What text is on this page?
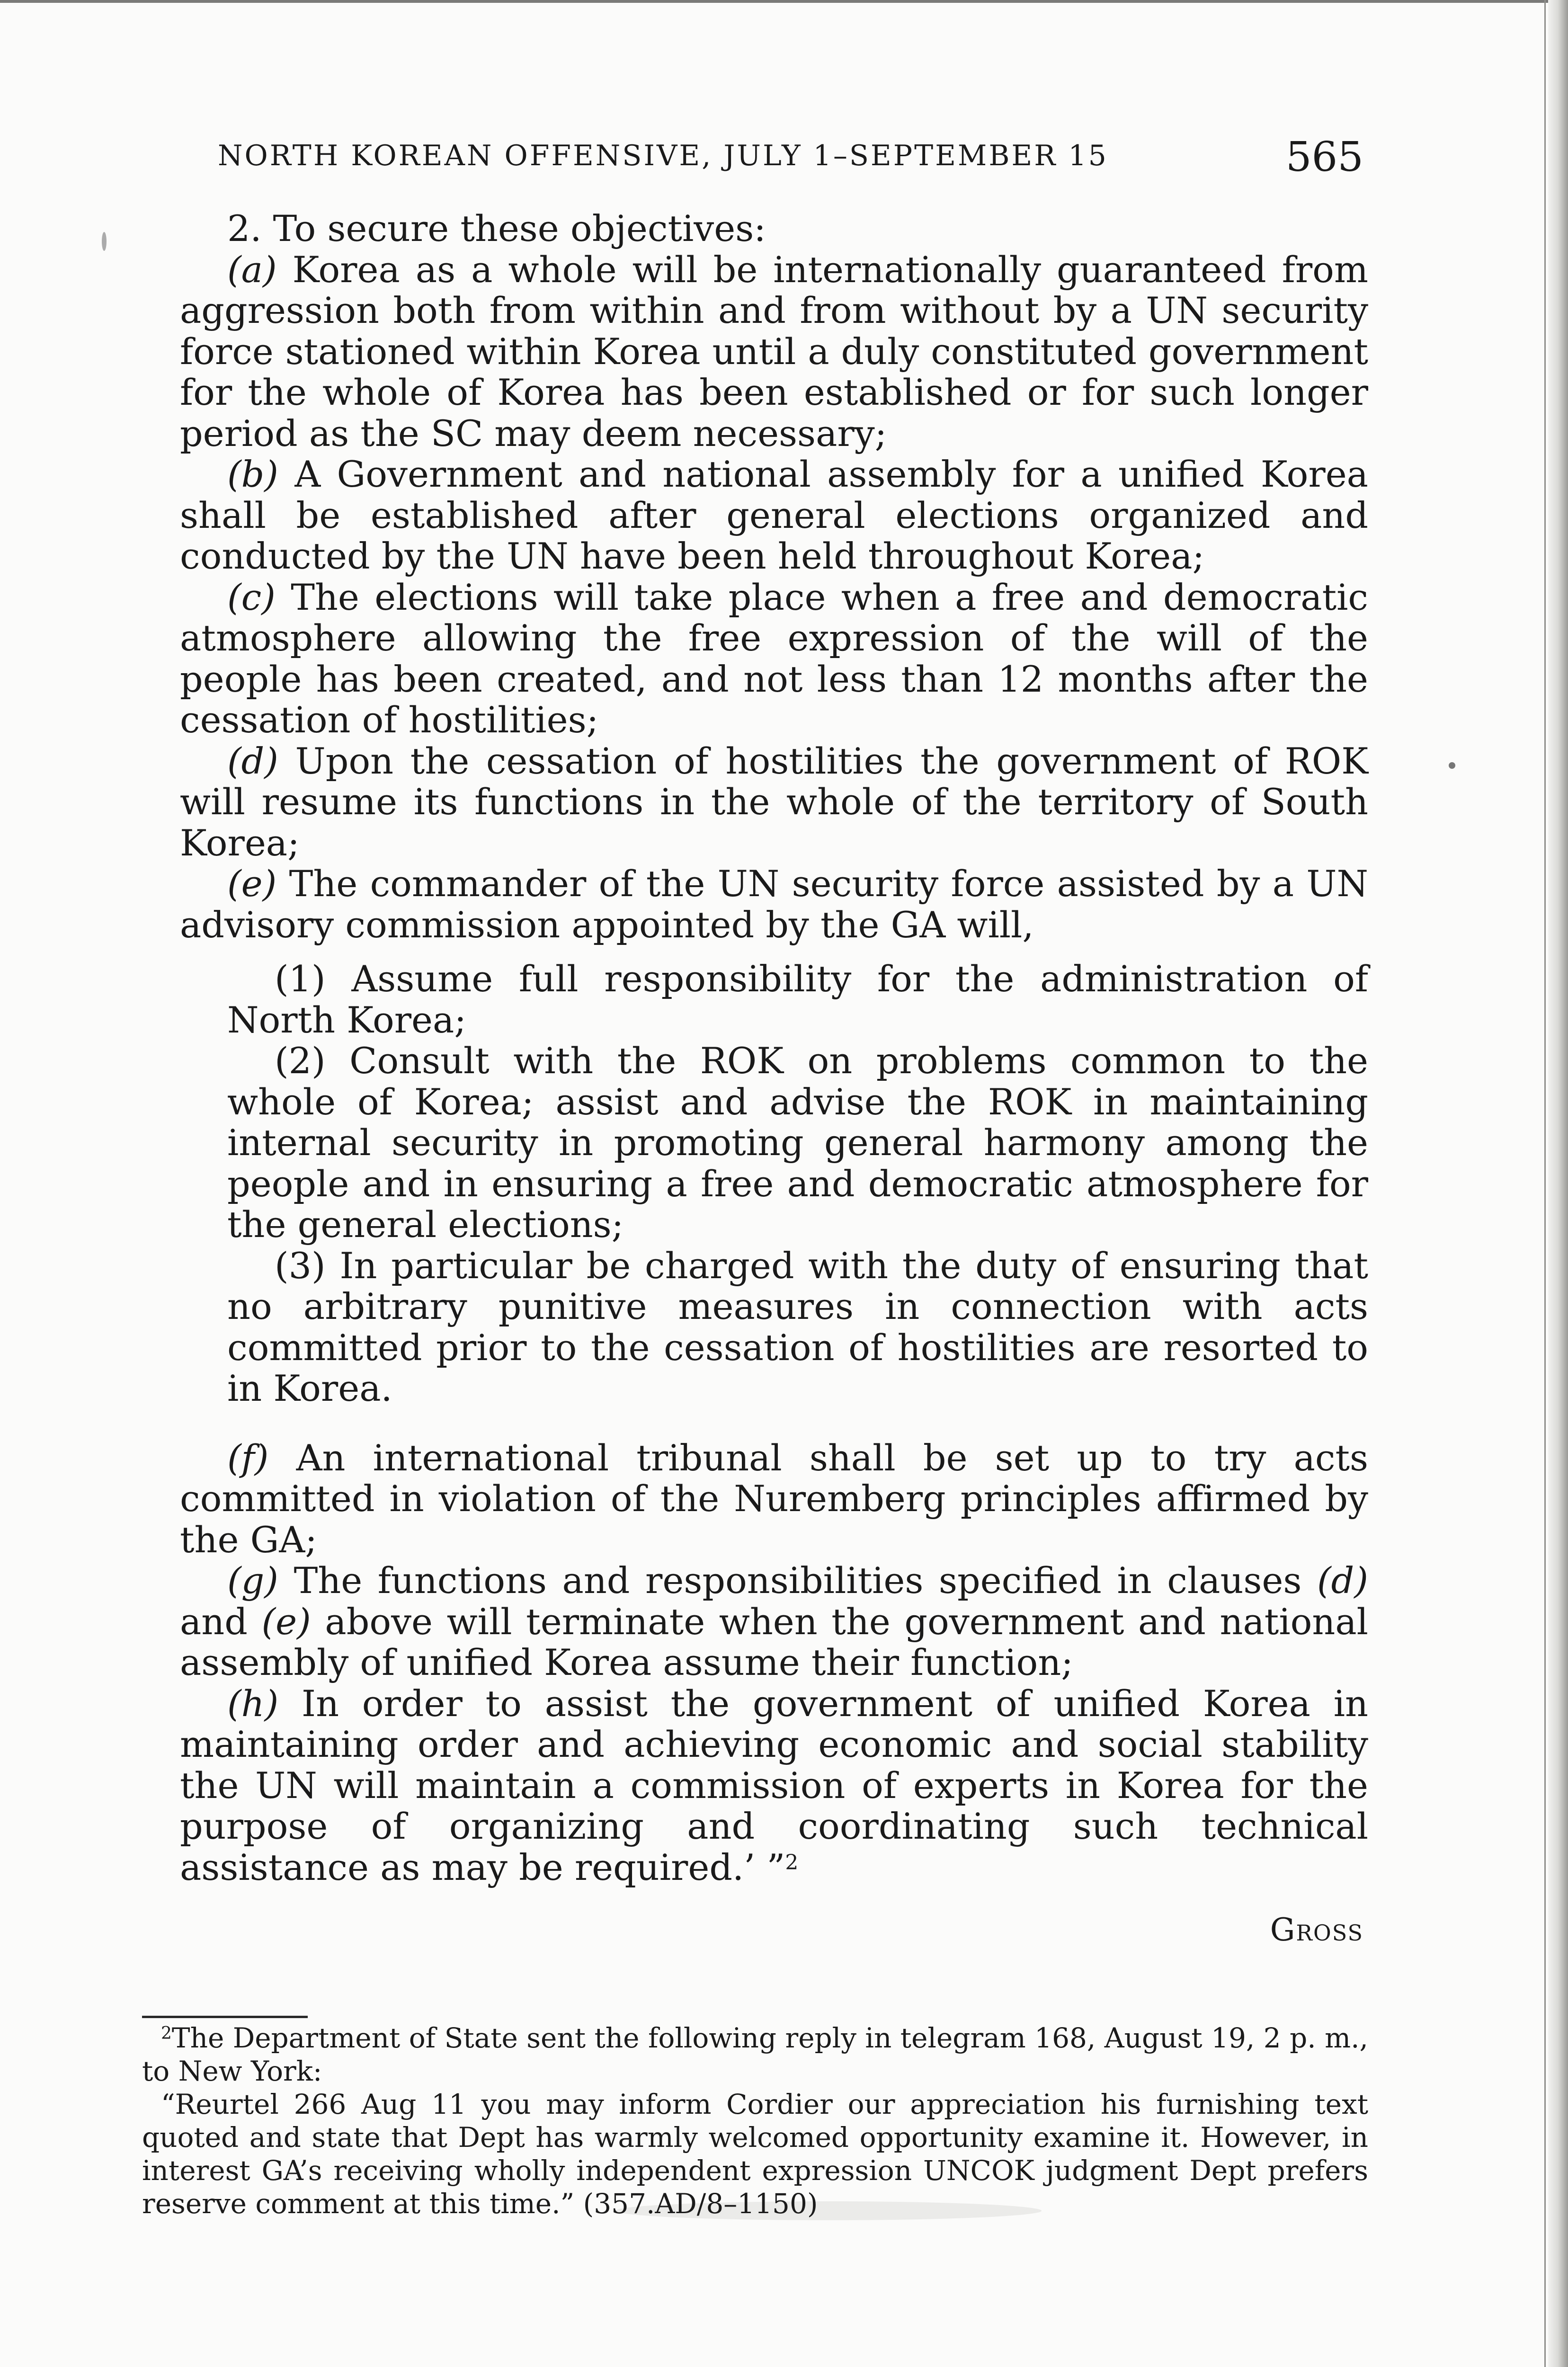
NORTH KOREAN OFFENSIVE, JULY 1–SEPTEMBER 15	565

2. To secure these objectives:

(a) Korea as a whole will be internationally guaranteed from aggression both from within and from without by a UN security force stationed within Korea until a duly constituted government for the whole of Korea has been established or for such longer period as the SC may deem necessary;

(b) A Government and national assembly for a unified Korea shall be established after general elections organized and conducted by the UN have been held throughout Korea;

(c) The elections will take place when a free and democratic atmosphere allowing the free expression of the will of the people has been created, and not less than 12 months after the cessation of hostilities;

(d) Upon the cessation of hostilities the government of ROK will resume its functions in the whole of the territory of South Korea;

(e) The commander of the UN security force assisted by a UN advisory commission appointed by the GA will,

(1) Assume full responsibility for the administration of North Korea;

(2) Consult with the ROK on problems common to the whole of Korea; assist and advise the ROK in maintaining internal security in promoting general harmony among the people and in ensuring a free and democratic atmosphere for the general elections;

(3) In particular be charged with the duty of ensuring that no arbitrary punitive measures in connection with acts committed prior to the cessation of hostilities are resorted to in Korea.

(f) An international tribunal shall be set up to try acts committed in violation of the Nuremberg principles affirmed by the GA;

(g) The functions and responsibilities specified in clauses (d) and (e) above will terminate when the government and national assembly of unified Korea assume their function;

(h) In order to assist the government of unified Korea in maintaining order and achieving economic and social stability the UN will maintain a commission of experts in Korea for the purpose of organizing and coordinating such technical assistance as may be required.’ ”$^2$

Gross

$^2$The Department of State sent the following reply in telegram 168, August 19, 2 p. m., to New York:

“Reurtel 266 Aug 11 you may inform Cordier our appreciation his furnishing text quoted and state that Dept has warmly welcomed opportunity examine it. However, in interest GA’s receiving wholly independent expression UNCOK judgment Dept prefers reserve comment at this time.” (357.AD/8–1150)
